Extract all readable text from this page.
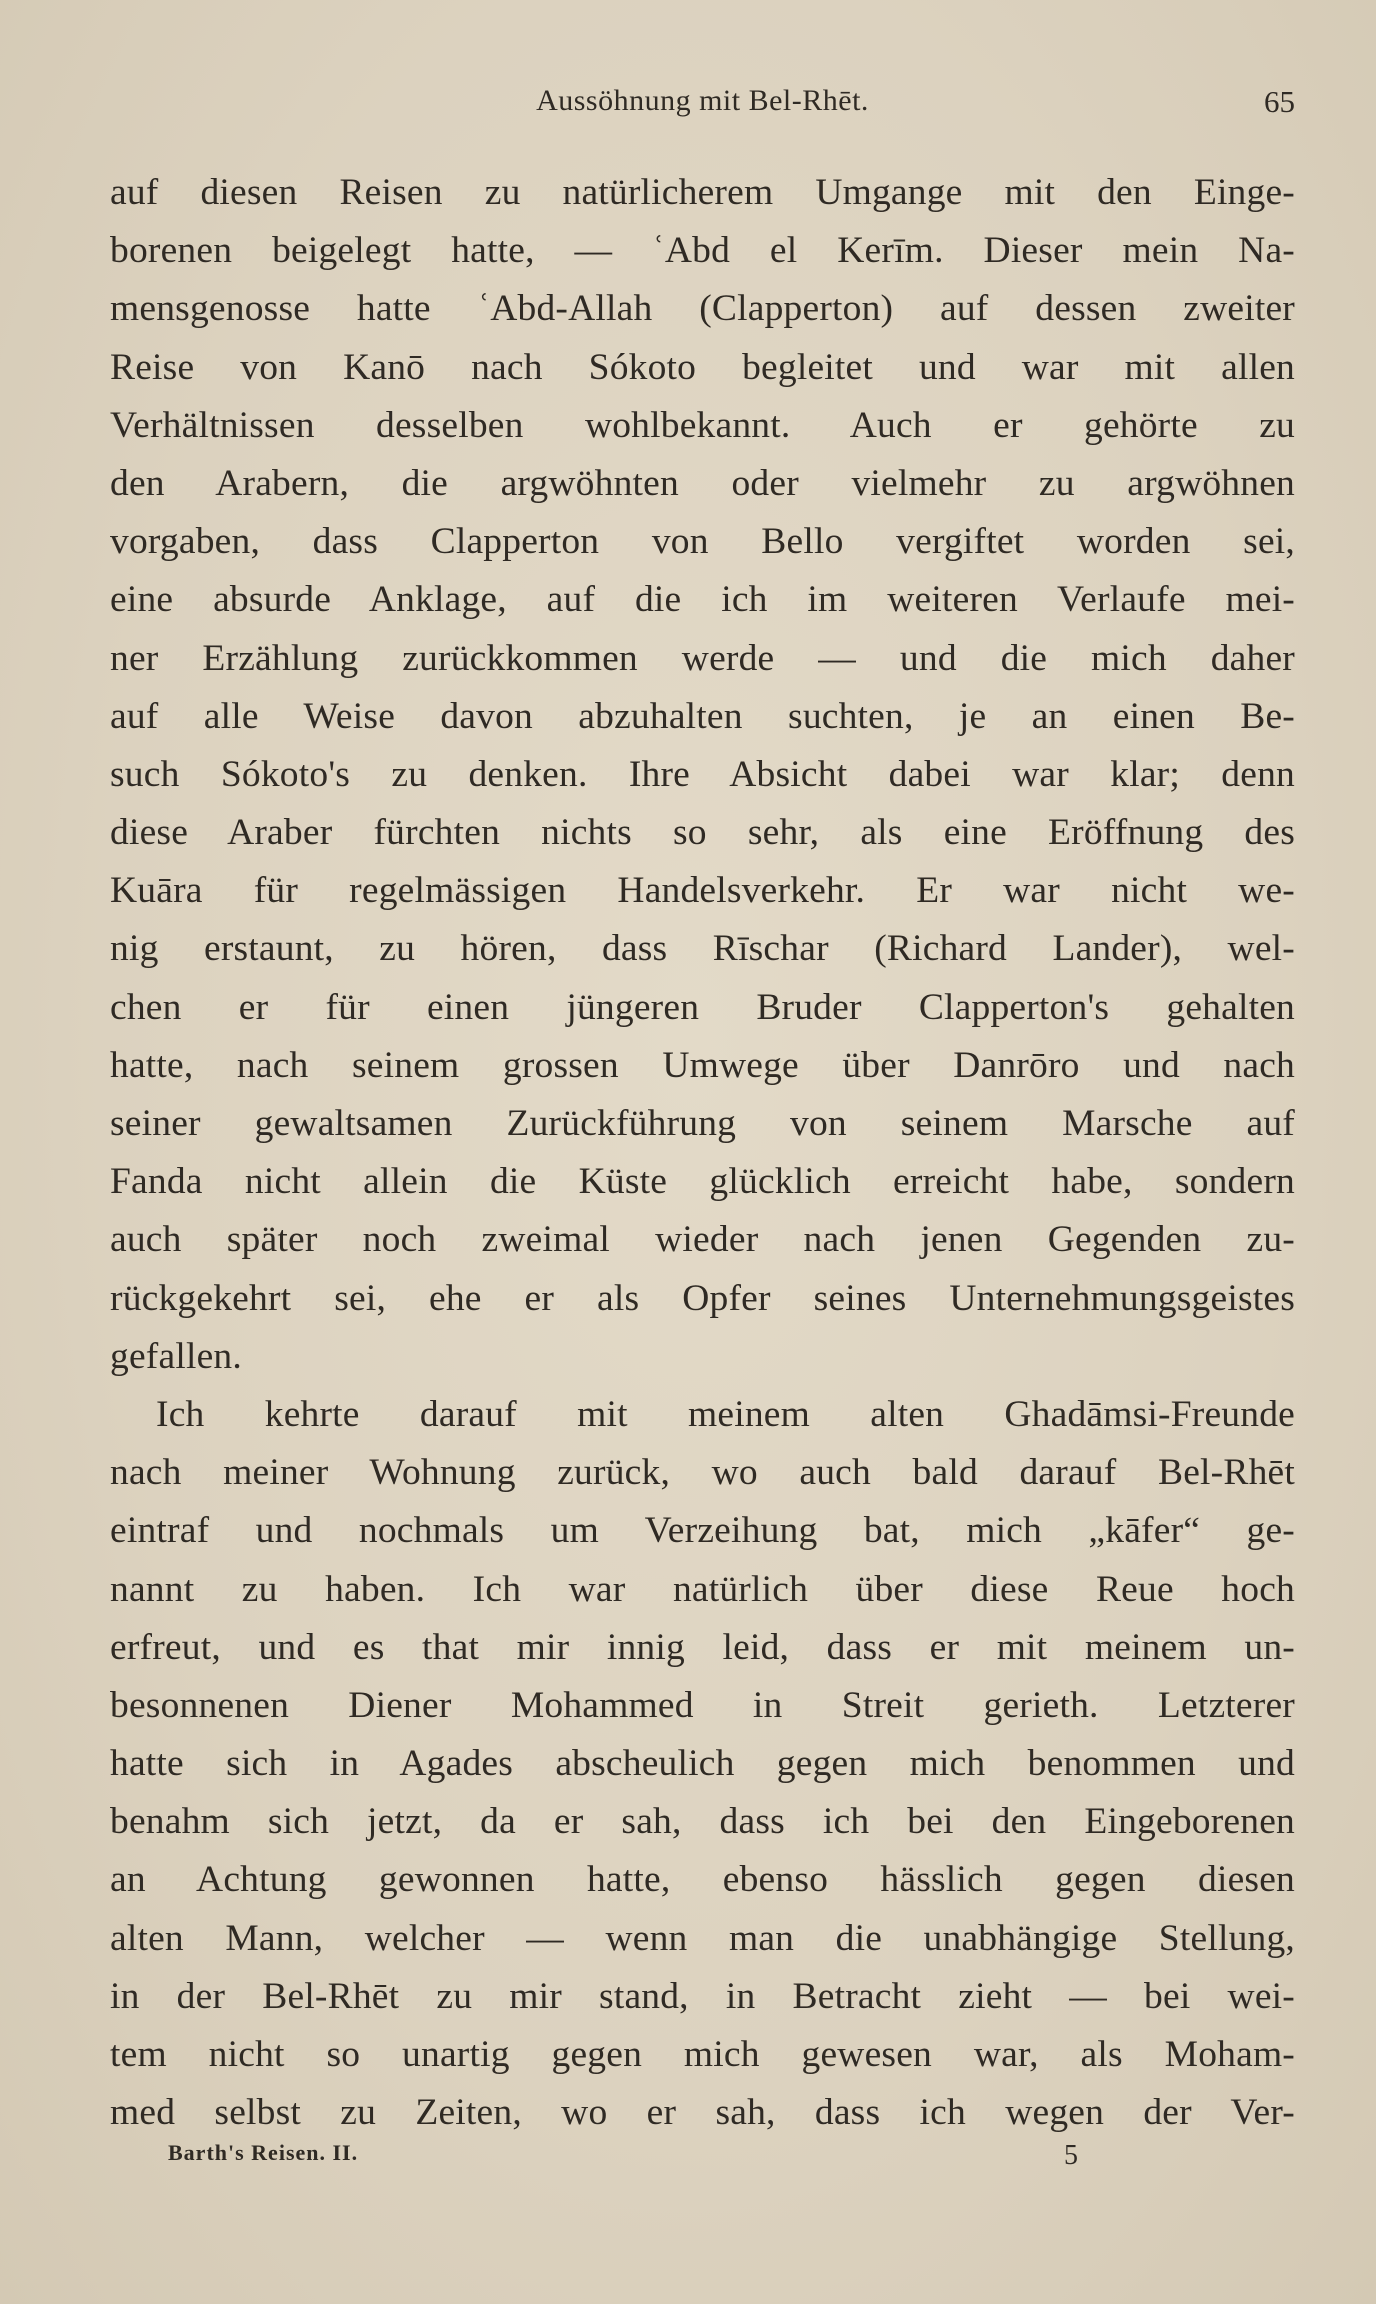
Aussöhnung mit Bel-Rhēt.	65
auf diesen Reisen zu natürlicherem Umgange mit den Einge-
borenen beigelegt hatte, — ʿAbd el Kerīm. Dieser mein Na-
mensgenosse hatte ʿAbd-Allah (Clapperton) auf dessen zweiter
Reise von Kanō nach Sókoto begleitet und war mit allen
Verhältnissen desselben wohlbekannt. Auch er gehörte zu
den Arabern, die argwöhnten oder vielmehr zu argwöhnen
vorgaben, dass Clapperton von Bello vergiftet worden sei,
eine absurde Anklage, auf die ich im weiteren Verlaufe mei-
ner Erzählung zurückkommen werde — und die mich daher
auf alle Weise davon abzuhalten suchten, je an einen Be-
such Sókoto's zu denken. Ihre Absicht dabei war klar; denn
diese Araber fürchten nichts so sehr, als eine Eröffnung des
Kuāra für regelmässigen Handelsverkehr. Er war nicht we-
nig erstaunt, zu hören, dass Rīschar (Richard Lander), wel-
chen er für einen jüngeren Bruder Clapperton's gehalten
hatte, nach seinem grossen Umwege über Danrōro und nach
seiner gewaltsamen Zurückführung von seinem Marsche auf
Fanda nicht allein die Küste glücklich erreicht habe, sondern
auch später noch zweimal wieder nach jenen Gegenden zu-
rückgekehrt sei, ehe er als Opfer seines Unternehmungsgeistes
gefallen.
Ich kehrte darauf mit meinem alten Ghadāmsi-Freunde
nach meiner Wohnung zurück, wo auch bald darauf Bel-Rhēt
eintraf und nochmals um Verzeihung bat, mich „kāfer“ ge-
nannt zu haben. Ich war natürlich über diese Reue hoch
erfreut, und es that mir innig leid, dass er mit meinem un-
besonnenen Diener Mohammed in Streit gerieth. Letzterer
hatte sich in Agades abscheulich gegen mich benommen und
benahm sich jetzt, da er sah, dass ich bei den Eingeborenen
an Achtung gewonnen hatte, ebenso hässlich gegen diesen
alten Mann, welcher — wenn man die unabhängige Stellung,
in der Bel-Rhēt zu mir stand, in Betracht zieht — bei wei-
tem nicht so unartig gegen mich gewesen war, als Moham-
med selbst zu Zeiten, wo er sah, dass ich wegen der Ver-
Barth's Reisen. II.	5
